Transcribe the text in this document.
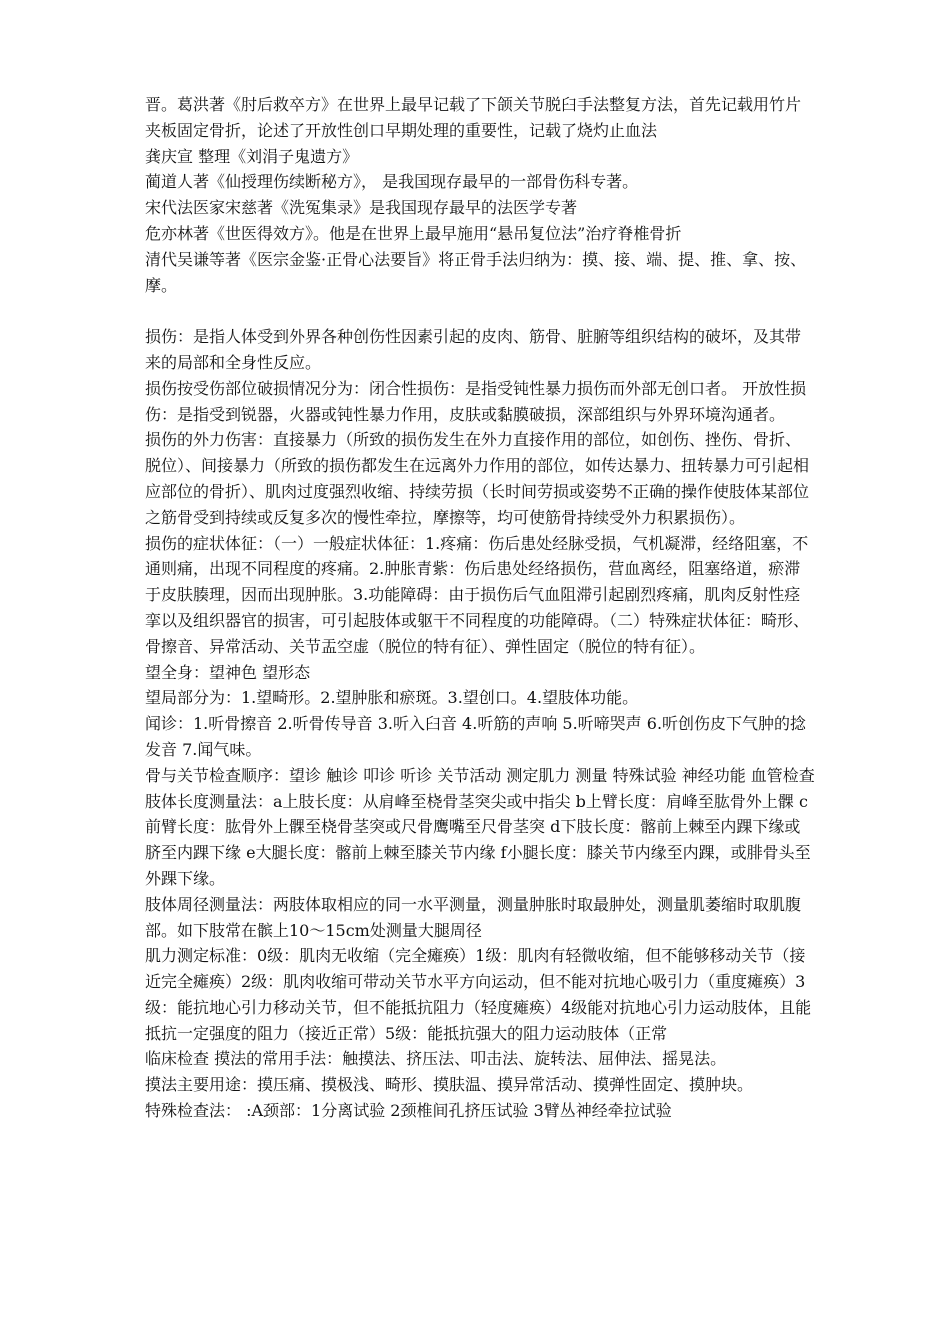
晋。葛洪著《肘后救卒方》在世界上最早记载了下颌关节脱臼手法整复方法，首先记载用竹片夹板固定骨折，论述了开放性创口早期处理的重要性，记载了烧灼止血法

龚庆宣 整理《刘涓子鬼遗方》

蔺道人著《仙授理伤续断秘方》， 是我国现存最早的一部骨伤科专著。

宋代法医家宋慈著《洗冤集录》是我国现存最早的法医学专著

危亦林著《世医得效方》。他是在世界上最早施用“悬吊复位法”治疗脊椎骨折

清代吴谦等著《医宗金鉴·正骨心法要旨》将正骨手法归纳为：摸、接、端、提、推、拿、按、摩。

损伤：是指人体受到外界各种创伤性因素引起的皮肉、筋骨、脏腑等组织结构的破坏，及其带来的局部和全身性反应。

损伤按受伤部位破损情况分为：闭合性损伤：是指受钝性暴力损伤而外部无创口者。 开放性损伤：是指受到锐器，火器或钝性暴力作用，皮肤或黏膜破损，深部组织与外界环境沟通者。

损伤的外力伤害：直接暴力（所致的损伤发生在外力直接作用的部位，如创伤、挫伤、骨折、脱位）、间接暴力（所致的损伤都发生在远离外力作用的部位，如传达暴力、扭转暴力可引起相应部位的骨折）、肌肉过度强烈收缩、持续劳损（长时间劳损或姿势不正确的操作使肢体某部位之筋骨受到持续或反复多次的慢性牵拉，摩擦等，均可使筋骨持续受外力积累损伤）。

损伤的症状体征：（一）一般症状体征：1.疼痛：伤后患处经脉受损，气机凝滞，经络阻塞，不通则痛，出现不同程度的疼痛。2.肿胀青紫：伤后患处经络损伤，营血离经，阻塞络道，瘀滞于皮肤腠理，因而出现肿胀。3.功能障碍：由于损伤后气血阻滞引起剧烈疼痛，肌肉反射性痉挛以及组织器官的损害，可引起肢体或躯干不同程度的功能障碍。（二）特殊症状体征：畸形、骨擦音、异常活动、关节盂空虚（脱位的特有征）、弹性固定（脱位的特有征）。

望全身：望神色 望形态

望局部分为：1.望畸形。2.望肿胀和瘀斑。3.望创口。4.望肢体功能。

闻诊：1.听骨擦音 2.听骨传导音 3.听入臼音 4.听筋的声响 5.听啼哭声 6.听创伤皮下气肿的捻发音 7.闻气味。

骨与关节检查顺序：望诊 触诊 叩诊 听诊 关节活动 测定肌力 测量 特殊试验 神经功能 血管检查

肢体长度测量法：a上肢长度：从肩峰至桡骨茎突尖或中指尖 b上臂长度：肩峰至肱骨外上髁 c前臂长度：肱骨外上髁至桡骨茎突或尺骨鹰嘴至尺骨茎突 d下肢长度：髂前上棘至内踝下缘或脐至内踝下缘 e大腿长度：髂前上棘至膝关节内缘 f小腿长度：膝关节内缘至内踝，或腓骨头至外踝下缘。

肢体周径测量法：两肢体取相应的同一水平测量，测量肿胀时取最肿处，测量肌萎缩时取肌腹部。如下肢常在髌上10～15cm处测量大腿周径

肌力测定标准：0级：肌肉无收缩（完全瘫痪）1级：肌肉有轻微收缩，但不能够移动关节（接近完全瘫痪）2级：肌肉收缩可带动关节水平方向运动，但不能对抗地心吸引力（重度瘫痪）3级：能抗地心引力移动关节，但不能抵抗阻力（轻度瘫痪）4级能对抗地心引力运动肢体，且能抵抗一定强度的阻力（接近正常）5级：能抵抗强大的阻力运动肢体（正常

临床检查 摸法的常用手法：触摸法、挤压法、叩击法、旋转法、屈伸法、摇晃法。

摸法主要用途：摸压痛、摸极浅、畸形、摸肤温、摸异常活动、摸弹性固定、摸肿块。

特殊检查法： :A颈部：1分离试验 2颈椎间孔挤压试验 3臂丛神经牵拉试验
